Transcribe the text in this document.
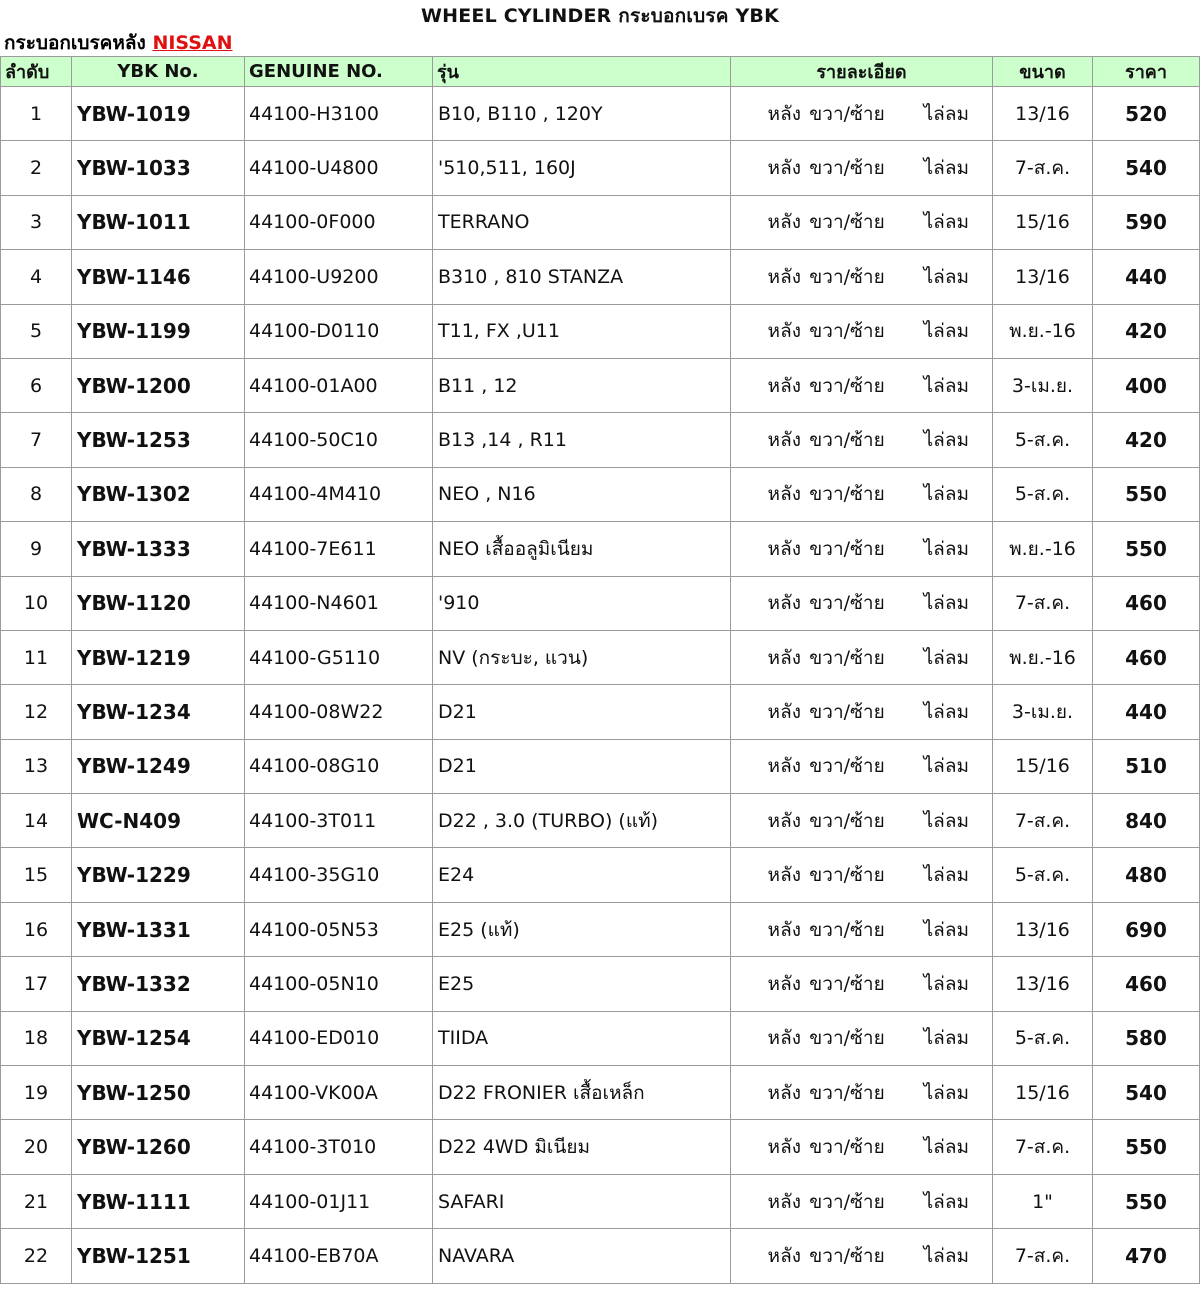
WHEEL CYLINDER กระบอกเบรค YBK
กระบอกเบรคหลัง NISSAN
ลำดับ	YBK No.	GENUINE NO.	รุ่น	รายละเอียด	ขนาด	ราคา
1	YBW-1019	44100-H3100	B10, B110 , 120Y	หลัง ขวา/ซ้าย ไล่ลม	13/16	520
2	YBW-1033	44100-U4800	'510,511, 160J	หลัง ขวา/ซ้าย ไล่ลม	7-ส.ค.	540
3	YBW-1011	44100-0F000	TERRANO	หลัง ขวา/ซ้าย ไล่ลม	15/16	590
4	YBW-1146	44100-U9200	B310 , 810 STANZA	หลัง ขวา/ซ้าย ไล่ลม	13/16	440
5	YBW-1199	44100-D0110	T11, FX ,U11	หลัง ขวา/ซ้าย ไล่ลม	พ.ย.-16	420
6	YBW-1200	44100-01A00	B11 , 12	หลัง ขวา/ซ้าย ไล่ลม	3-เม.ย.	400
7	YBW-1253	44100-50C10	B13 ,14 , R11	หลัง ขวา/ซ้าย ไล่ลม	5-ส.ค.	420
8	YBW-1302	44100-4M410	NEO , N16	หลัง ขวา/ซ้าย ไล่ลม	5-ส.ค.	550
9	YBW-1333	44100-7E611	NEO เสื้ออลูมิเนียม	หลัง ขวา/ซ้าย ไล่ลม	พ.ย.-16	550
10	YBW-1120	44100-N4601	'910	หลัง ขวา/ซ้าย ไล่ลม	7-ส.ค.	460
11	YBW-1219	44100-G5110	NV (กระบะ, แวน)	หลัง ขวา/ซ้าย ไล่ลม	พ.ย.-16	460
12	YBW-1234	44100-08W22	D21	หลัง ขวา/ซ้าย ไล่ลม	3-เม.ย.	440
13	YBW-1249	44100-08G10	D21	หลัง ขวา/ซ้าย ไล่ลม	15/16	510
14	WC-N409	44100-3T011	D22 , 3.0 (TURBO) (แท้)	หลัง ขวา/ซ้าย ไล่ลม	7-ส.ค.	840
15	YBW-1229	44100-35G10	E24	หลัง ขวา/ซ้าย ไล่ลม	5-ส.ค.	480
16	YBW-1331	44100-05N53	E25 (แท้)	หลัง ขวา/ซ้าย ไล่ลม	13/16	690
17	YBW-1332	44100-05N10	E25	หลัง ขวา/ซ้าย ไล่ลม	13/16	460
18	YBW-1254	44100-ED010	TIIDA	หลัง ขวา/ซ้าย ไล่ลม	5-ส.ค.	580
19	YBW-1250	44100-VK00A	D22 FRONIER เสื้อเหล็ก	หลัง ขวา/ซ้าย ไล่ลม	15/16	540
20	YBW-1260	44100-3T010	D22 4WD มิเนียม	หลัง ขวา/ซ้าย ไล่ลม	7-ส.ค.	550
21	YBW-1111	44100-01J11	SAFARI	หลัง ขวา/ซ้าย ไล่ลม	1"	550
22	YBW-1251	44100-EB70A	NAVARA	หลัง ขวา/ซ้าย ไล่ลม	7-ส.ค.	470
